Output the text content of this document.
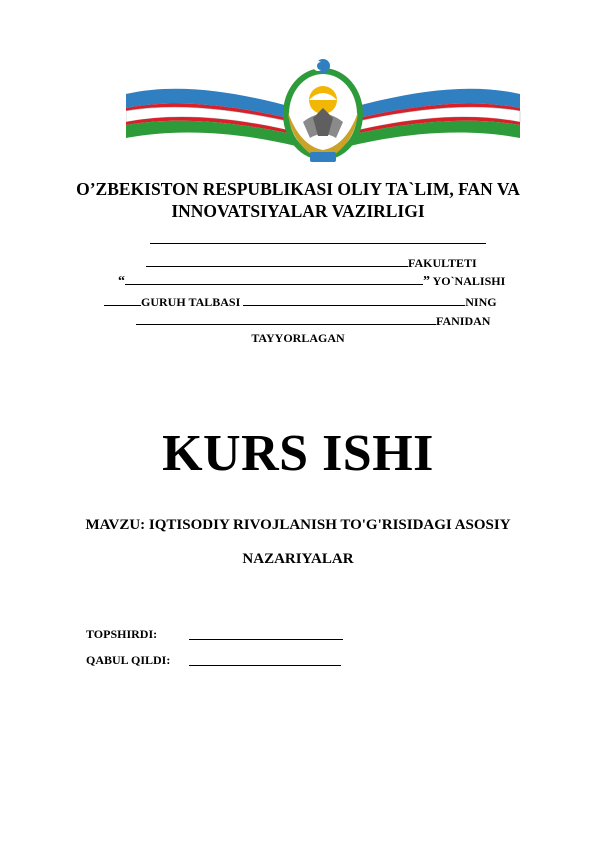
O’ZBEKISTON RESPUBLIKASI OLIY TA`LIM, FAN VA
INNOVATSIYALAR VAZIRLIGI
FAKULTETI
“	” YO`NALISHI
GURUH TALBASI	NING
FANIDAN
TAYYORLAGAN
KURS ISHI
MAVZU: IQTISODIY RIVOJLANISH TO'G'RISIDAGI ASOSIY
NAZARIYALAR
TOPSHIRDI:
QABUL QILDI:
